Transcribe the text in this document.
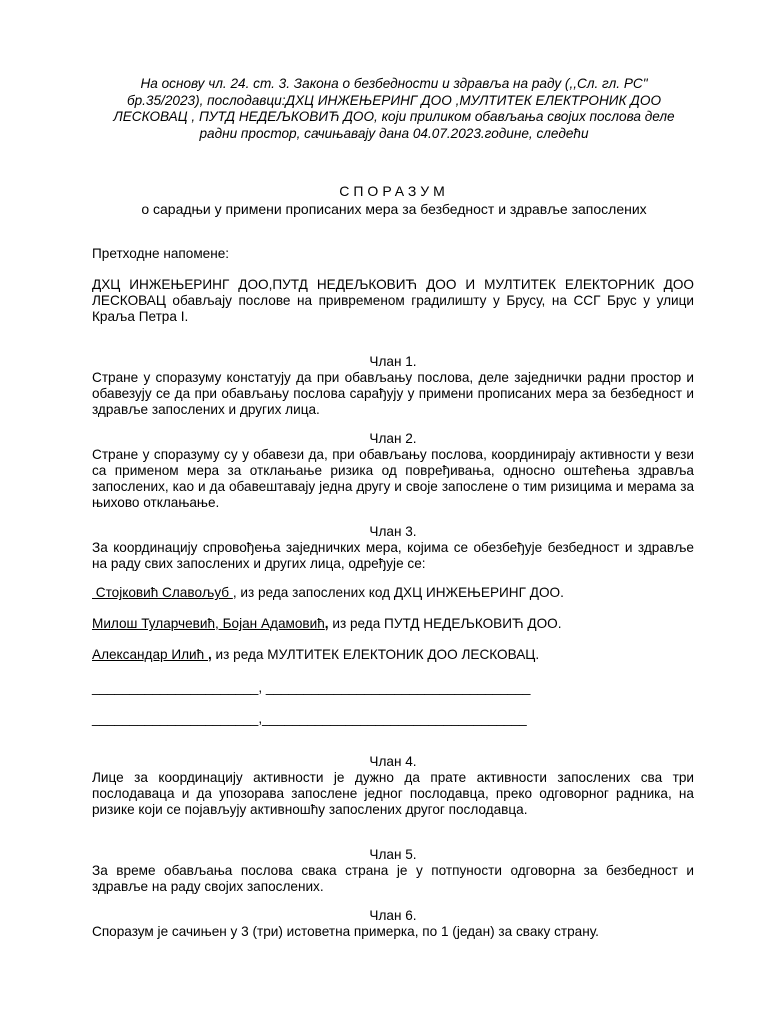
На основу чл. 24. ст. 3. Закона о безбедности и здравља на раду (,,Сл. гл. РС"

бр.35/2023), послодавци:ДХЦ ИНЖЕЊЕРИНГ ДОО ,МУЛТИТЕК ЕЛЕКТРОНИК ДОО

ЛЕСКОВАЦ , ПУТД НЕДЕЉКОВИЋ ДОО, који приликом обављања својих послова деле

радни простор, сачињавају дана 04.07.2023.године, следећи

СПОРАЗУМ

о сарадњи у примени прописаних мера за безбедност и здравље запослених

Претходне напомене:

ДХЦ ИНЖЕЊЕРИНГ ДОО,ПУТД НЕДЕЉКОВИЋ ДОО И МУЛТИТЕК ЕЛЕКТОРНИК ДОО ЛЕСКОВАЦ обављају послове на привременом градилишту у Брусу, на ССГ Брус у улици Краља Петра I.

Члан 1.

Стране у споразуму констатују да при обављању послова, деле заједнички радни простор и обавезују се да при обављању послова сарађују у примени прописаних мера за безбедност и здравље запослених и других лица.

Члан 2.

Стране у споразуму су у обавези да, при обављању послова, координирају активности у вези са применом мера за отклањање ризика од повређивања, односно оштећења здравља запослених, као и да обавештавају једна другу и своје запослене о тим ризицима и мерама за њихово отклањање.

Члан 3.

За координацију спровођења заједничких мера, којима се обезбеђује безбедност и здравље на раду свих запослених и других лица, одређује се:

Стојковић Славољуб , из реда запослених код ДХЦ ИНЖЕЊЕРИНГ ДОО.

Милош Туларчевић, Бојан Адамовић, из реда ПУТД НЕДЕЉКОВИЋ ДОО.

Александар Илић , из реда МУЛТИТЕК ЕЛЕКТОНИК ДОО ЛЕСКОВАЦ.

______________________, ___________________________________

______________________,___________________________________

Члан 4.

Лице за координацију активности је дужно да прате активности запослених сва три послодаваца и да упозорава запослене једног послодавца, преко одговорног радника, на ризике који се појављују активношћу запослених другог послодавца.

Члан 5.

За време обављања послова свака страна је у потпуности одговорна за безбедност и здравље на раду својих запослених.

Члан 6.

Споразум је сачињен у 3 (три) истоветна примерка, по 1 (један) за сваку страну.
